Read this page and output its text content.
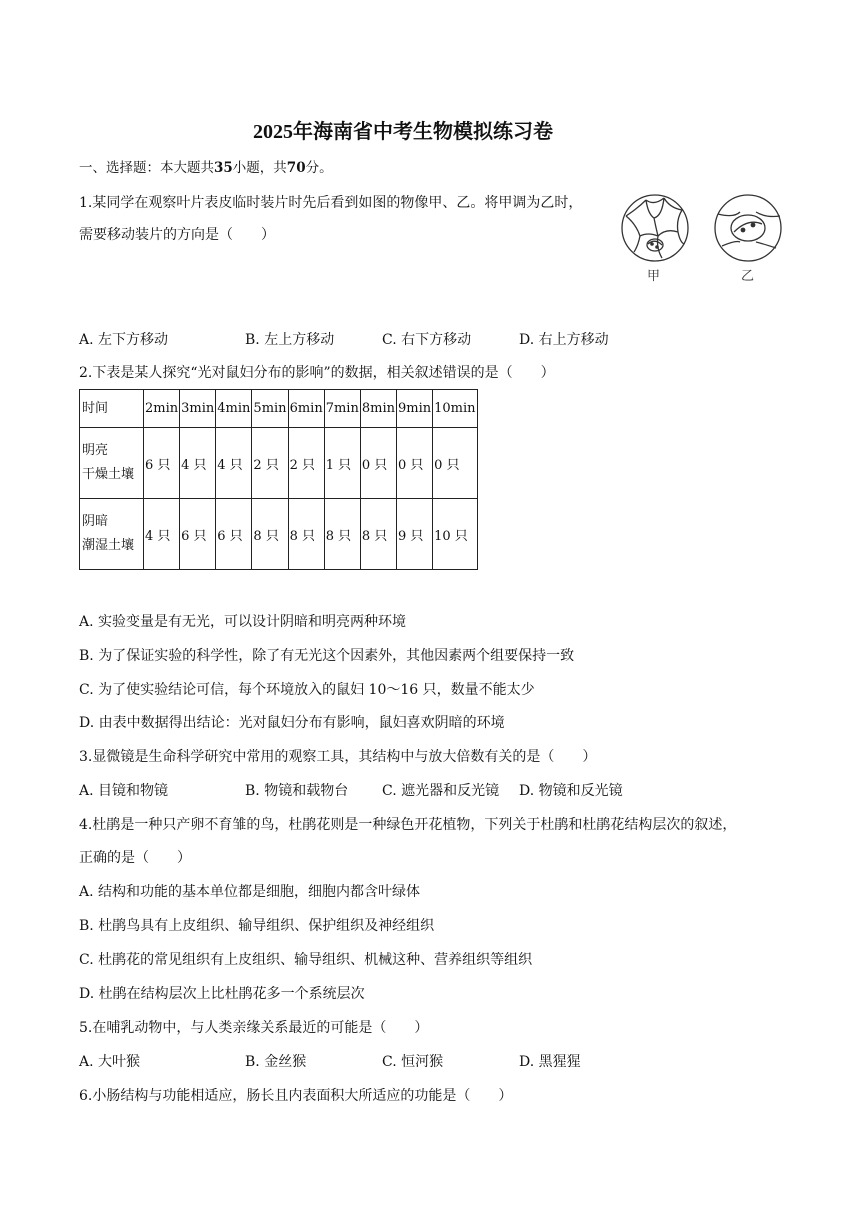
2025年海南省中考生物模拟练习卷
一、选择题：本大题共35小题，共70分。
1.某同学在观察叶片表皮临时装片时先后看到如图的物像甲、乙。将甲调为乙时，
需要移动装片的方向是（　　）
甲	乙
A. 左下方移动	B. 左上方移动	C. 右下方移动	D. 右上方移动
2.下表是某人探究“光对鼠妇分布的影响”的数据，相关叙述错误的是（　　）
时间	2min	3min	4min	5min	6min	7min	8min	9min	10min
明亮
干燥土壤	6 只	4 只	4 只	2 只	2 只	1 只	0 只	0 只	0 只
阴暗
潮湿土壤	4 只	6 只	6 只	8 只	8 只	8 只	8 只	9 只	10 只
A. 实验变量是有无光，可以设计阴暗和明亮两种环境
B. 为了保证实验的科学性，除了有无光这个因素外，其他因素两个组要保持一致
C. 为了使实验结论可信，每个环境放入的鼠妇 10～16 只，数量不能太少
D. 由表中数据得出结论：光对鼠妇分布有影响，鼠妇喜欢阴暗的环境
3.显微镜是生命科学研究中常用的观察工具，其结构中与放大倍数有关的是（　　）
A. 目镜和物镜	B. 物镜和载物台 C. 遮光器和反光镜 D. 物镜和反光镜
4.杜鹃是一种只产卵不育雏的鸟，杜鹃花则是一种绿色开花植物，下列关于杜鹃和杜鹃花结构层次的叙述，
正确的是（　　）
A. 结构和功能的基本单位都是细胞，细胞内都含叶绿体
B. 杜鹃鸟具有上皮组织、输导组织、保护组织及神经组织
C. 杜鹃花的常见组织有上皮组织、输导组织、机械这种、营养组织等组织
D. 杜鹃在结构层次上比杜鹃花多一个系统层次
5.在哺乳动物中，与人类亲缘关系最近的可能是（　　）
A. 大叶猴	B. 金丝猴	C. 恒河猴	D. 黑猩猩
6.小肠结构与功能相适应，肠长且内表面积大所适应的功能是（　　）
